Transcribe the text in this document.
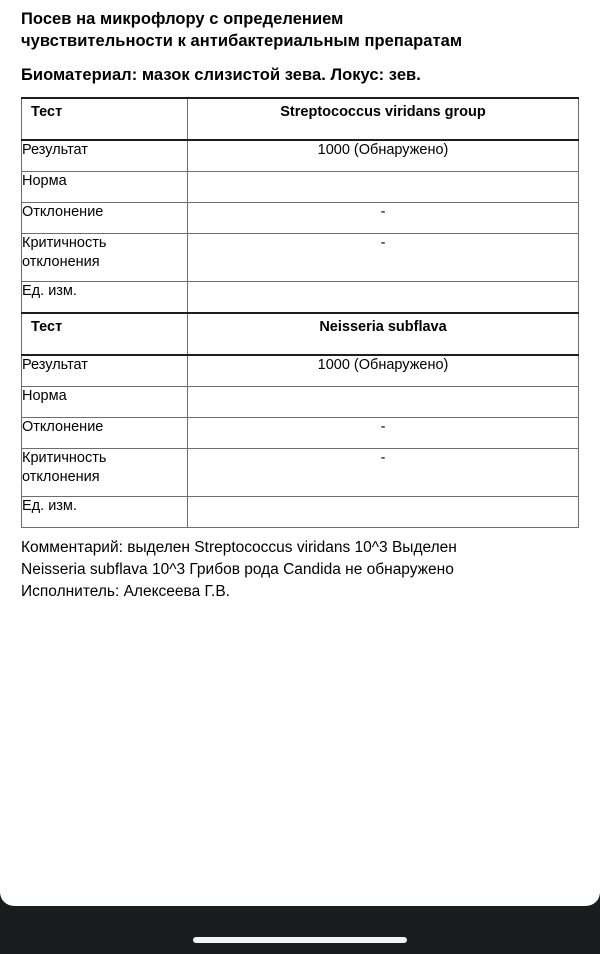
Посев на микрофлору с определением
чувствительности к антибактериальным препаратам
Биоматериал: мазок слизистой зева. Локус: зев.
Тест	Streptococcus viridans group
Результат	1000 (Обнаружено)
Норма	
Отклонение	-
Критичность отклонения	-
Ед. изм.	
Тест	Neisseria subflava
Результат	1000 (Обнаружено)
Норма	
Отклонение	-
Критичность отклонения	-
Ед. изм.	

Комментарий: выделен Streptococcus viridans 10^3 Выделен

Neisseria subflava 10^3 Грибов рода Candida не обнаружено

Исполнитель: Алексеева Г.В.
